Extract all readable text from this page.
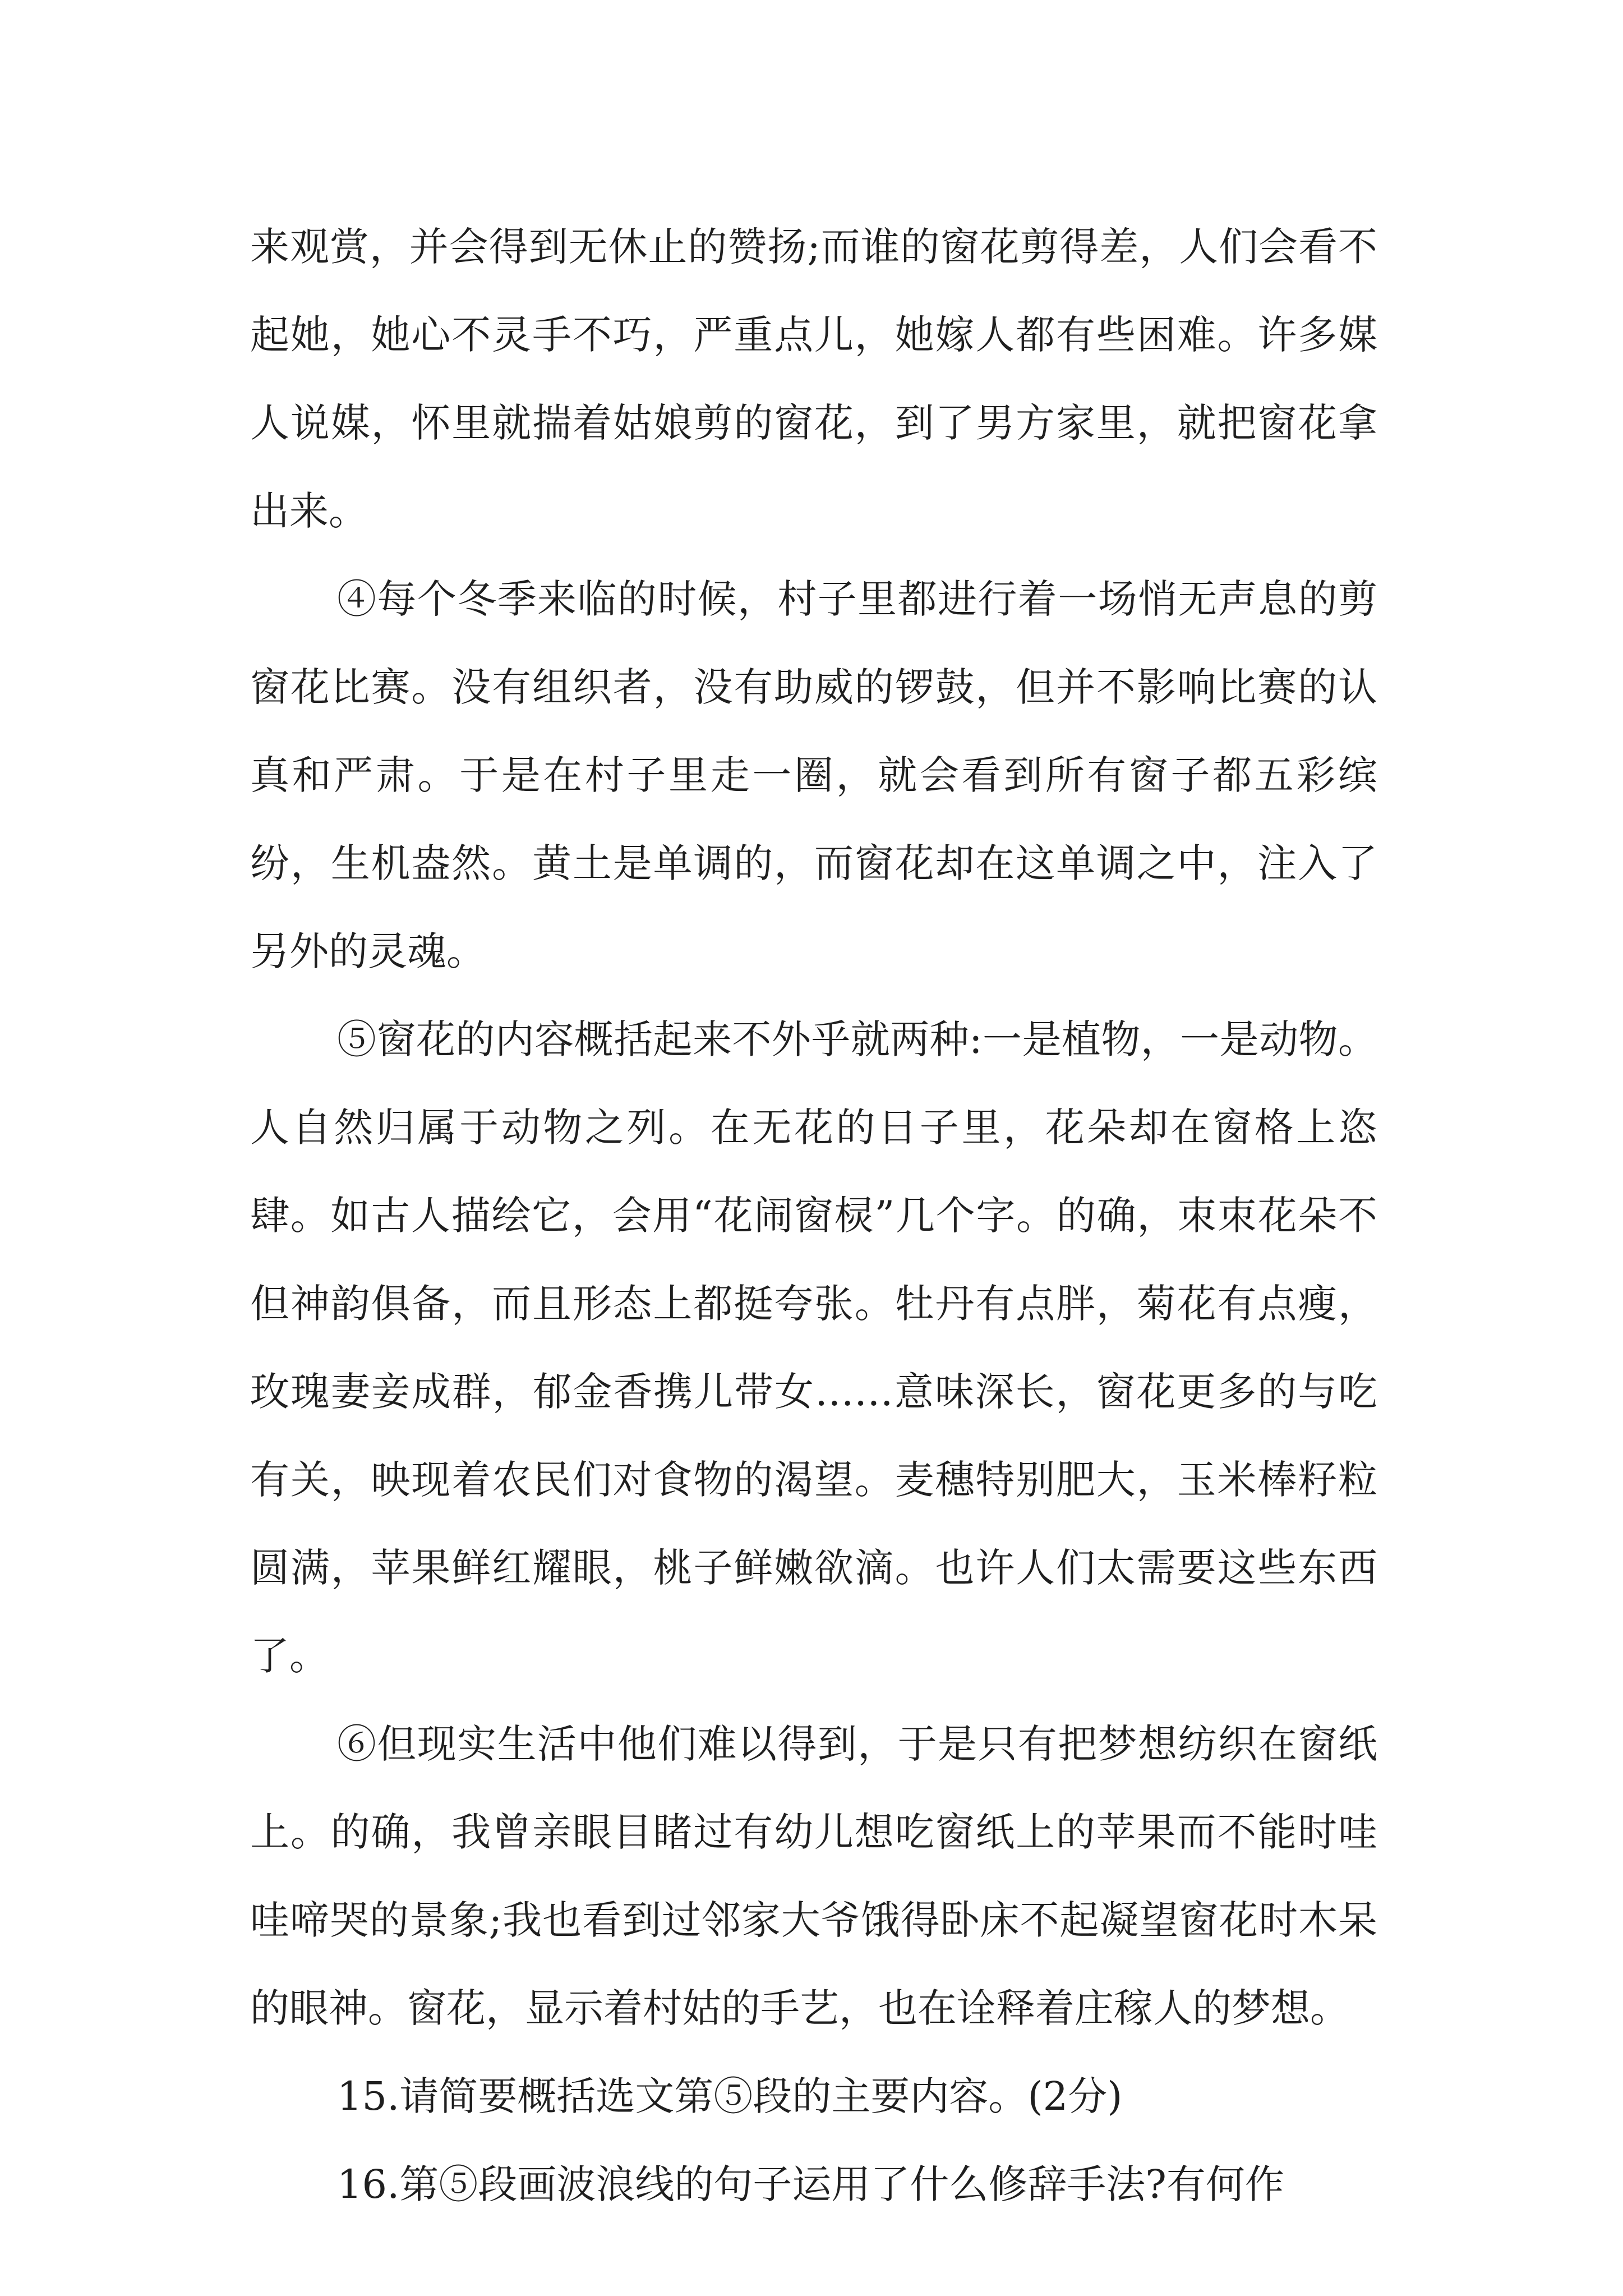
来观赏，并会得到无休止的赞扬;而谁的窗花剪得差，人们会看不起她，她心不灵手不巧，严重点儿，她嫁人都有些困难。许多媒人说媒，怀里就揣着姑娘剪的窗花，到了男方家里，就把窗花拿出来。

④每个冬季来临的时候，村子里都进行着一场悄无声息的剪窗花比赛。没有组织者，没有助威的锣鼓，但并不影响比赛的认真和严肃。于是在村子里走一圈，就会看到所有窗子都五彩缤纷，生机盎然。黄土是单调的，而窗花却在这单调之中，注入了另外的灵魂。

⑤窗花的内容概括起来不外乎就两种:一是植物，一是动物。人自然归属于动物之列。在无花的日子里，花朵却在窗格上恣肆。如古人描绘它，会用“花闹窗棂”几个字。的确，朿朿花朵不但神韵俱备，而且形态上都挺夸张。牡丹有点胖，菊花有点瘦，玫瑰妻妾成群，郁金香携儿带女……意味深长，窗花更多的与吃有关，映现着农民们对食物的渴望。麦穗特别肥大，玉米棒籽粒圆满，苹果鲜红耀眼，桃子鲜嫩欲滴。也许人们太需要这些东西了。

⑥但现实生活中他们难以得到，于是只有把梦想纺织在窗纸上。的确，我曾亲眼目睹过有幼儿想吃窗纸上的苹果而不能时哇哇啼哭的景象;我也看到过邻家大爷饿得卧床不起凝望窗花时木呆的眼神。窗花，显示着村姑的手艺，也在诠释着庄稼人的梦想。

15.请简要概括选文第⑤段的主要内容。(2分)

16.第⑤段画波浪线的句子运用了什么修辞手法?有何作
